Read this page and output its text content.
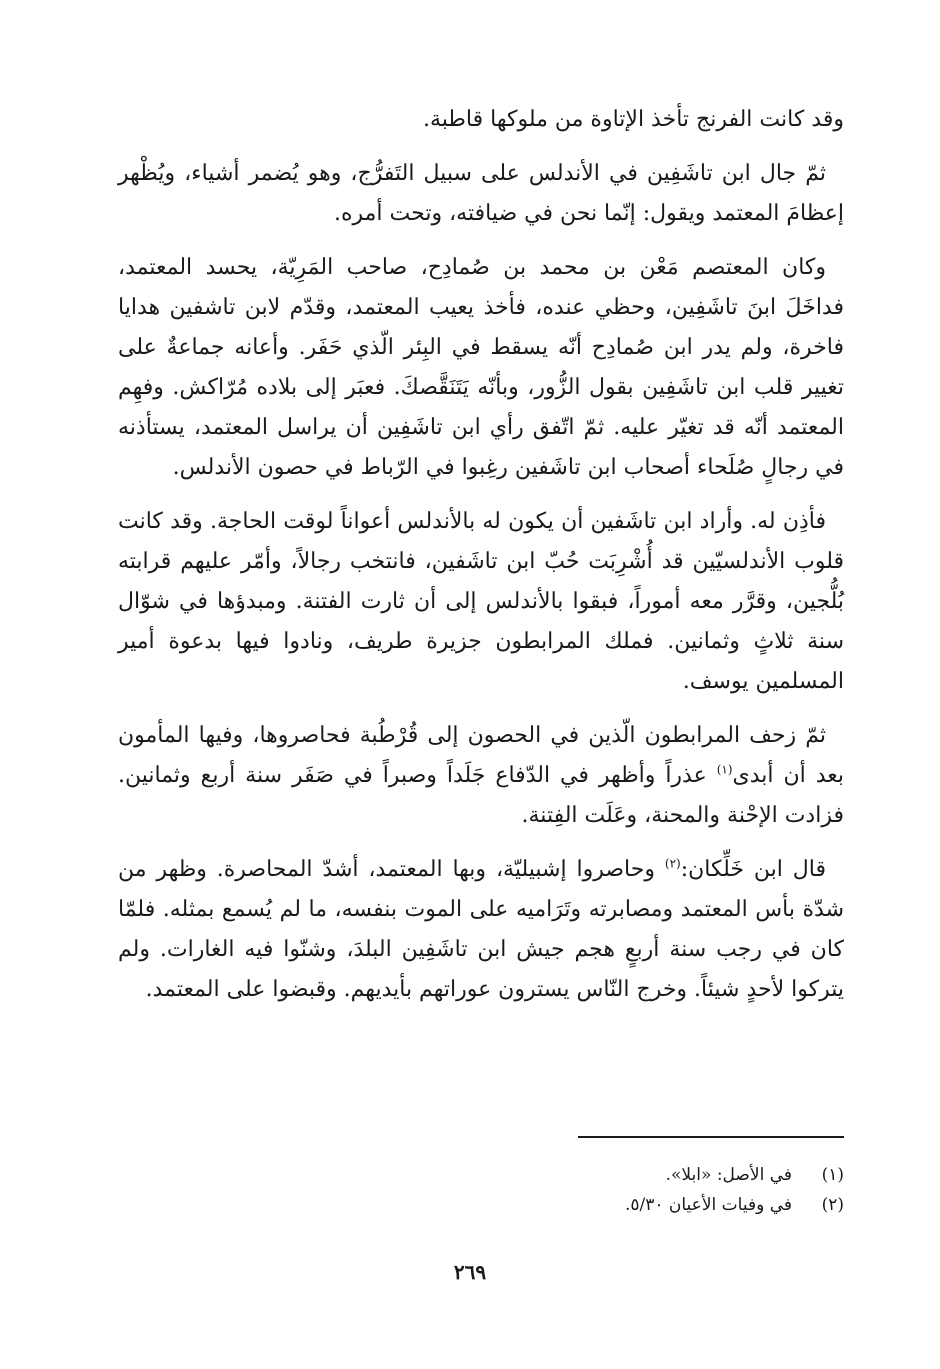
وقد كانت الفرنج تأخذ الإتاوة من ملوكها قاطبة.

ثمّ جال ابن تاشَفِين في الأندلس على سبيل التَفرُّج، وهو يُضمر أشياء، ويُظْهر إعظامَ المعتمد ويقول: إنّما نحن في ضيافته، وتحت أمره.

وكان المعتصم مَعْن بن محمد بن صُمادِح، صاحب المَرِيّة، يحسد المعتمد، فداخَلَ ابنَ تاشَفِين، وحظي عنده، فأخذ يعيب المعتمد، وقدّم لابن تاشفين هدايا فاخرة، ولم يدر ابن صُمادِح أنّه يسقط في البِئر الّذي حَفَر. وأعانه جماعةٌ على تغيير قلب ابن تاشَفِين بقول الزُّور، وبأنّه يَتَنَقَّصكَ. فعبَر إلى بلاده مُرّاكش. وفهِم المعتمد أنّه قد تغيّر عليه. ثمّ اتّفق رأي ابن تاشَفِين أن يراسل المعتمد، يستأذنه في رجالٍ صُلَحاء أصحاب ابن تاشَفين رغِبوا في الرّباط في حصون الأندلس.

فأذِن له. وأراد ابن تاشَفين أن يكون له بالأندلس أعواناً لوقت الحاجة. وقد كانت قلوب الأندلسيّين قد أُشْرِبَت حُبّ ابن تاشَفين، فانتخب رجالاً، وأمّر عليهم قرابته بُلُّجين، وقرَّر معه أموراً، فبقوا بالأندلس إلى أن ثارت الفتنة. ومبدؤها في شوّال سنة ثلاثٍ وثمانين. فملك المرابطون جزيرة طريف، ونادوا فيها بدعوة أمير المسلمين يوسف.

ثمّ زحف المرابطون الّذين في الحصون إلى قُرْطُبة فحاصروها، وفيها المأمون بعد أن أبدى$^{(١)}$ عذراً وأظهر في الدّفاع جَلَداً وصبراً في صَفَر سنة أربع وثمانين. فزادت الإحْنة والمحنة، وعَلَت الفِتنة.

قال ابن خَلِّكان:$^{(٢)}$ وحاصروا إشبيليّة، وبها المعتمد، أشدّ المحاصرة. وظهر من شدّة بأس المعتمد ومصابرته وتَرَاميه على الموت بنفسه، ما لم يُسمع بمثله. فلمّا كان في رجب سنة أربعٍ هجم جيش ابن تاشَفِين البلدَ، وشنّوا فيه الغارات. ولم يتركوا لأحدٍ شيئاً. وخرج النّاس يسترون عوراتهم بأيديهم. وقبضوا على المعتمد.

(١)
في الأصل: «ابلا».
(٢)
في وفيات الأعيان ٥/٣٠.
٢٦٩
